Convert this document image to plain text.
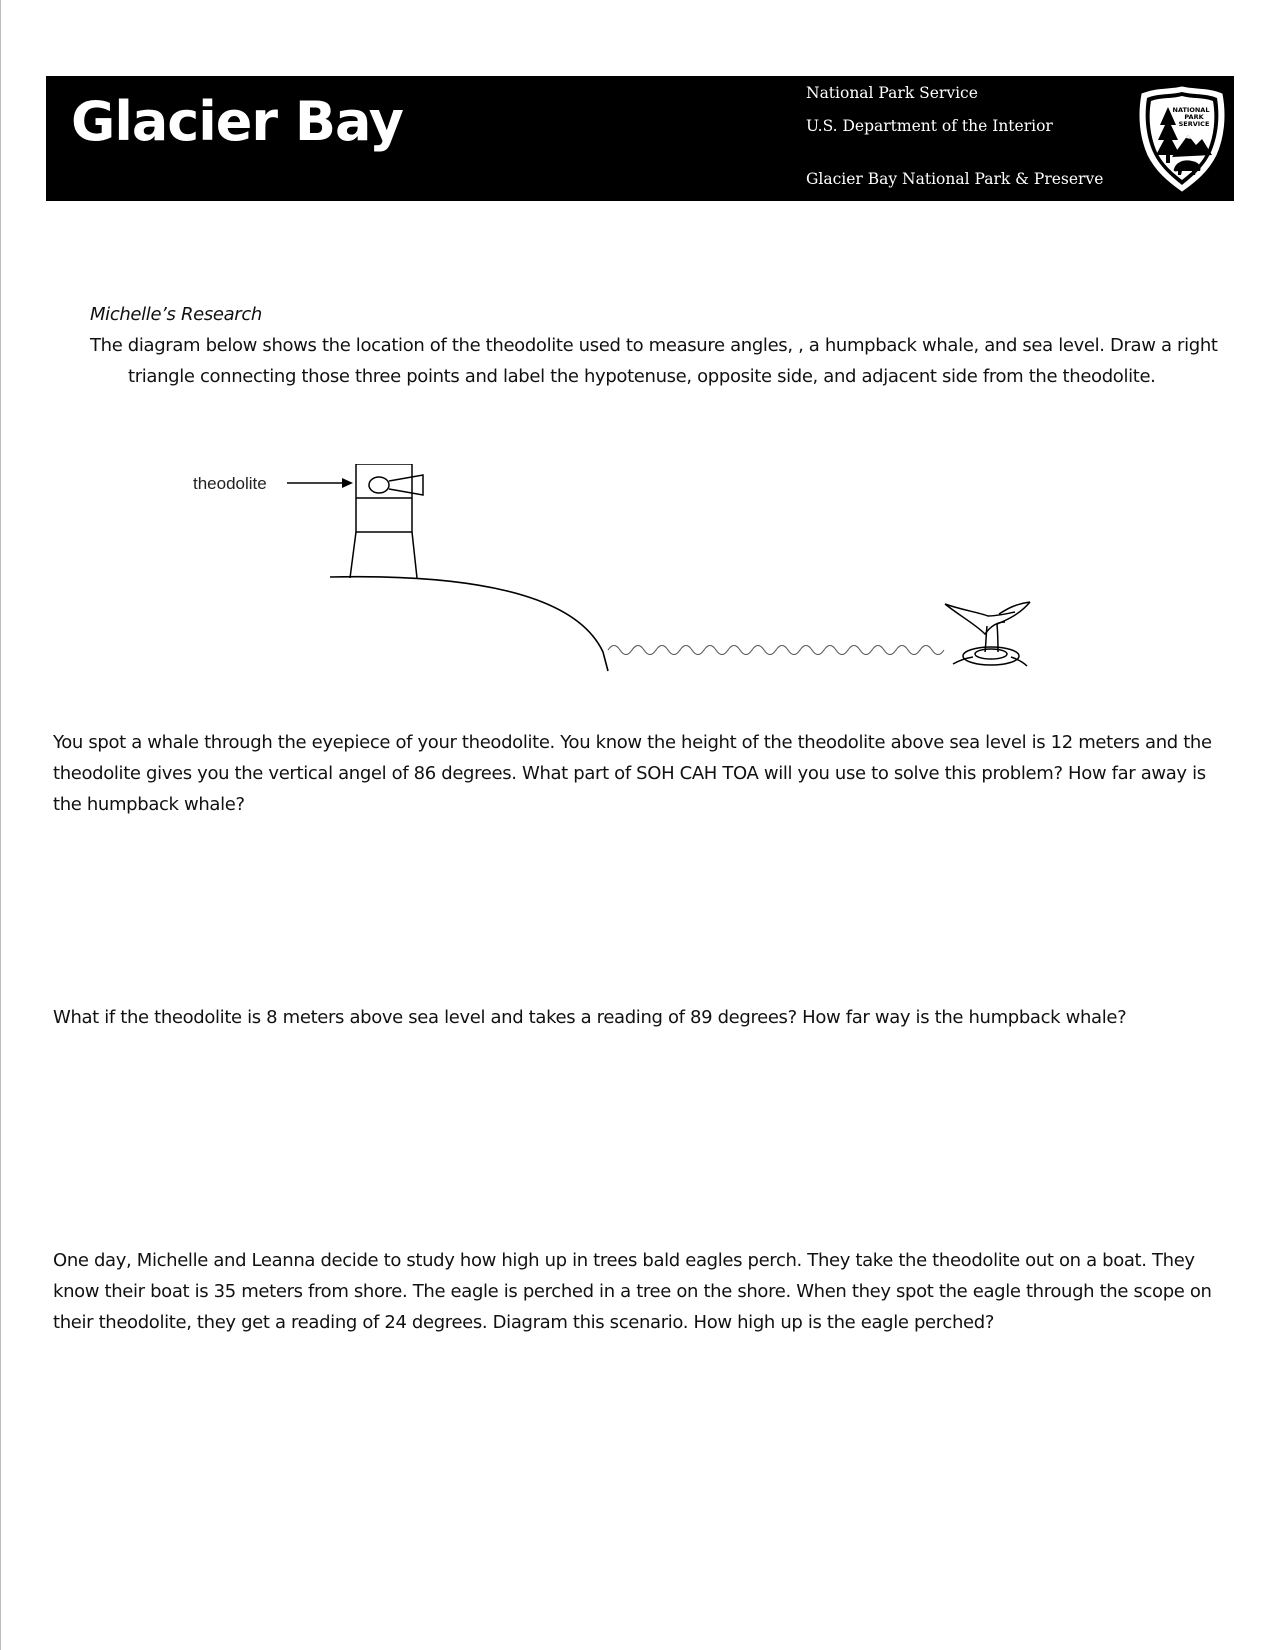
Glacier Bay	National Park Service
U.S. Department of the Interior
Glacier Bay National Park & Preserve
NATIONAL
PARK
SERVICE
Michelle’s Research
The diagram below shows the location of the theodolite used to measure angles, , a humpback whale, and sea level. Draw a right triangle connecting those three points and label the hypotenuse, opposite side, and adjacent side from the theodolite.
theodolite
You spot a whale through the eyepiece of your theodolite. You know the height of the theodolite above sea level is 12 meters and the theodolite gives you the vertical angel of 86 degrees. What part of SOH CAH TOA will you use to solve this problem? How far away is the humpback whale?
What if the theodolite is 8 meters above sea level and takes a reading of 89 degrees? How far way is the humpback whale?
One day, Michelle and Leanna decide to study how high up in trees bald eagles perch. They take the theodolite out on a boat. They know their boat is 35 meters from shore. The eagle is perched in a tree on the shore. When they spot the eagle through the scope on their theodolite, they get a reading of 24 degrees. Diagram this scenario. How high up is the eagle perched?
